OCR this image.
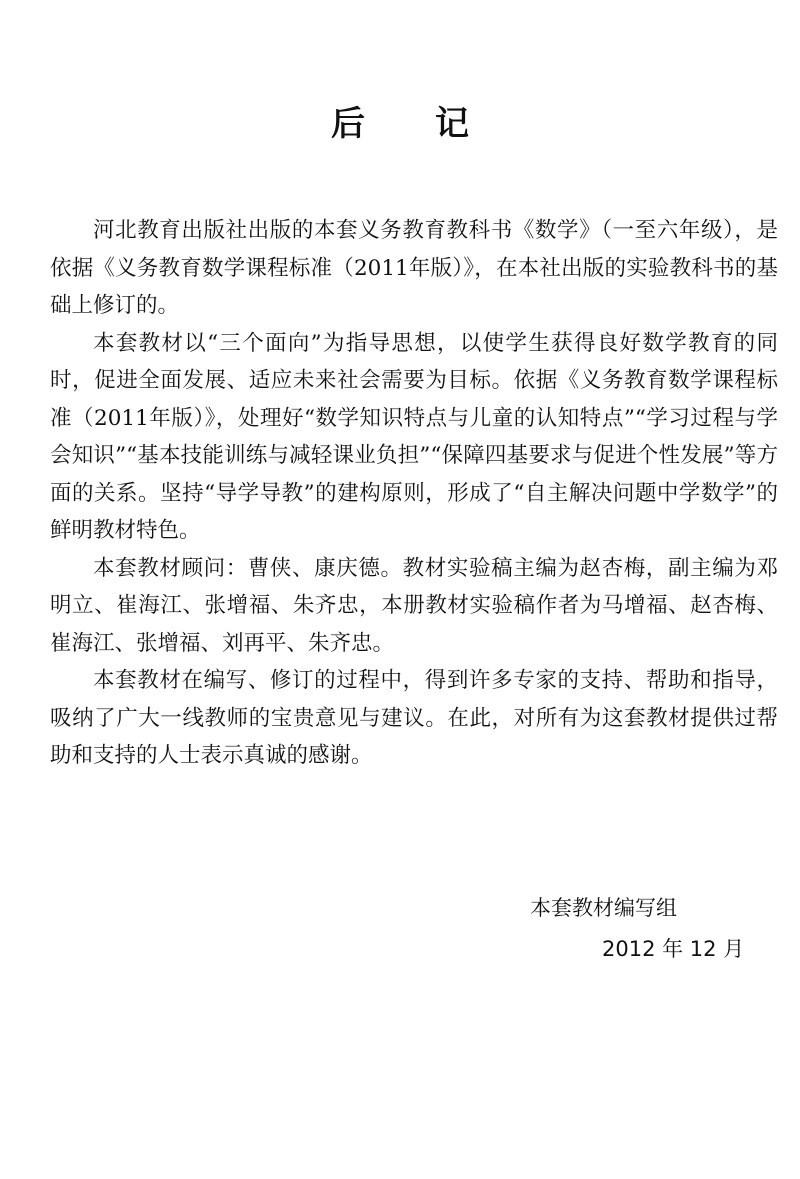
后 记

河北教育出版社出版的本套义务教育教科书《数学》（一至六年级），是依据《义务教育数学课程标准（2011年版）》，在本社出版的实验教科书的基础上修订的。

本套教材以“三个面向”为指导思想，以使学生获得良好数学教育的同时，促进全面发展、适应未来社会需要为目标。依据《义务教育数学课程标准（2011年版）》，处理好“数学知识特点与儿童的认知特点”“学习过程与学会知识”“基本技能训练与减轻课业负担”“保障四基要求与促进个性发展”等方面的关系。坚持“导学导教”的建构原则，形成了“自主解决问题中学数学”的鲜明教材特色。

本套教材顾问：曹侠、康庆德。教材实验稿主编为赵杏梅，副主编为邓明立、崔海江、张增福、朱齐忠，本册教材实验稿作者为马增福、赵杏梅、崔海江、张增福、刘再平、朱齐忠。

本套教材在编写、修订的过程中，得到许多专家的支持、帮助和指导，吸纳了广大一线教师的宝贵意见与建议。在此，对所有为这套教材提供过帮助和支持的人士表示真诚的感谢。

本套教材编写组
2012 年 12 月
